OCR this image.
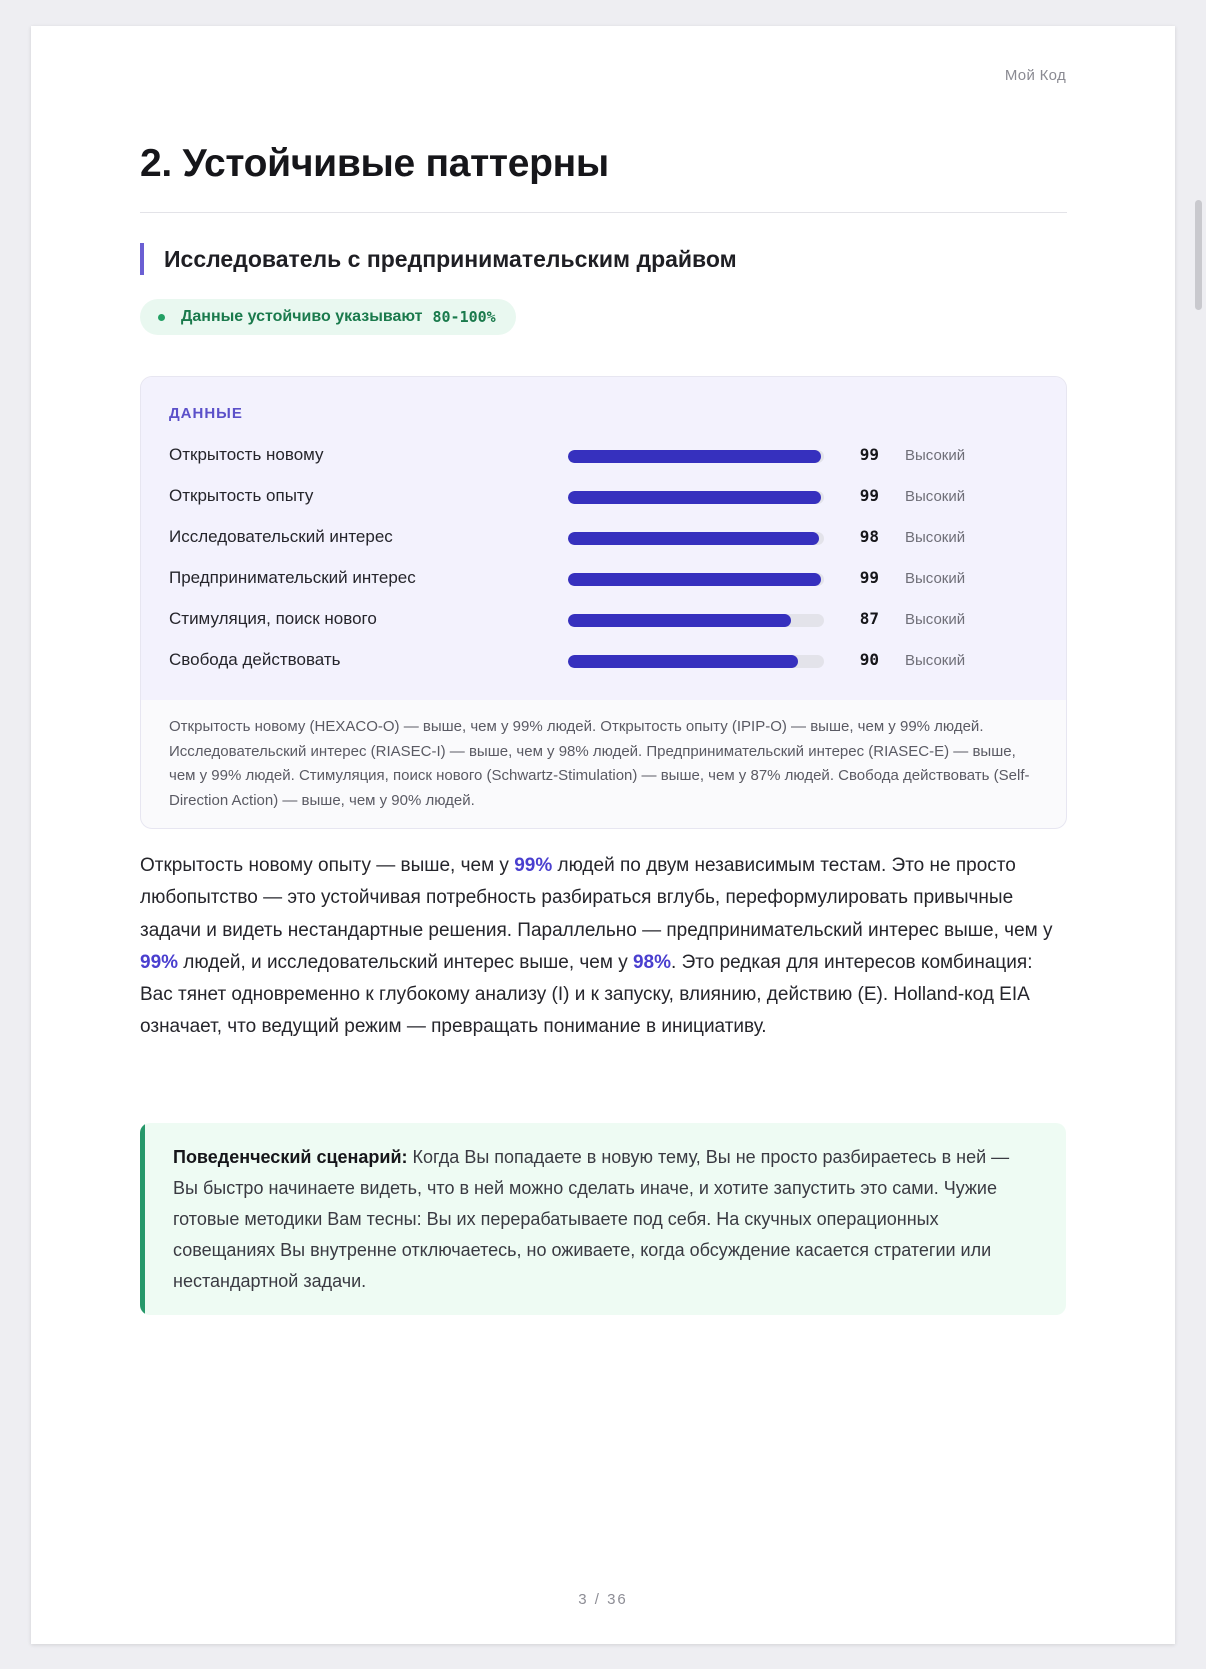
Мой Код
2. Устойчивые паттерны
Исследователь с предпринимательским драйвом
Данные устойчиво указывают 80-100%
ДАННЫЕ
Открытость новому	99 Высокий
Открытость опыту	99 Высокий
Исследовательский интерес	98 Высокий
Предпринимательский интерес	99 Высокий
Стимуляция, поиск нового	87 Высокий
Свобода действовать	90 Высокий

Открытость новому (HEXACO-O) — выше, чем у 99% людей. Открытость опыту (IPIP-O) — выше, чем у 99% людей. Исследовательский интерес (RIASEC-I) — выше, чем у 98% людей. Предпринимательский интерес (RIASEC-E) — выше, чем у 99% людей. Стимуляция, поиск нового (Schwartz-Stimulation) — выше, чем у 87% людей. Свобода действовать (Self-Direction Action) — выше, чем у 90% людей.

Открытость новому опыту — выше, чем у 99% людей по двум независимым тестам. Это не просто любопытство — это устойчивая потребность разбираться вглубь, переформулировать привычные задачи и видеть нестандартные решения. Параллельно — предпринимательский интерес выше, чем у 99% людей, и исследовательский интерес выше, чем у 98%. Это редкая для интересов комбинация: Вас тянет одновременно к глубокому анализу (I) и к запуску, влиянию, действию (E). Holland-код EIA означает, что ведущий режим — превращать понимание в инициативу.

Поведенческий сценарий: Когда Вы попадаете в новую тему, Вы не просто разбираетесь в ней — Вы быстро начинаете видеть, что в ней можно сделать иначе, и хотите запустить это сами. Чужие готовые методики Вам тесны: Вы их перерабатываете под себя. На скучных операционных совещаниях Вы внутренне отключаетесь, но оживаете, когда обсуждение касается стратегии или нестандартной задачи.

3 / 36
